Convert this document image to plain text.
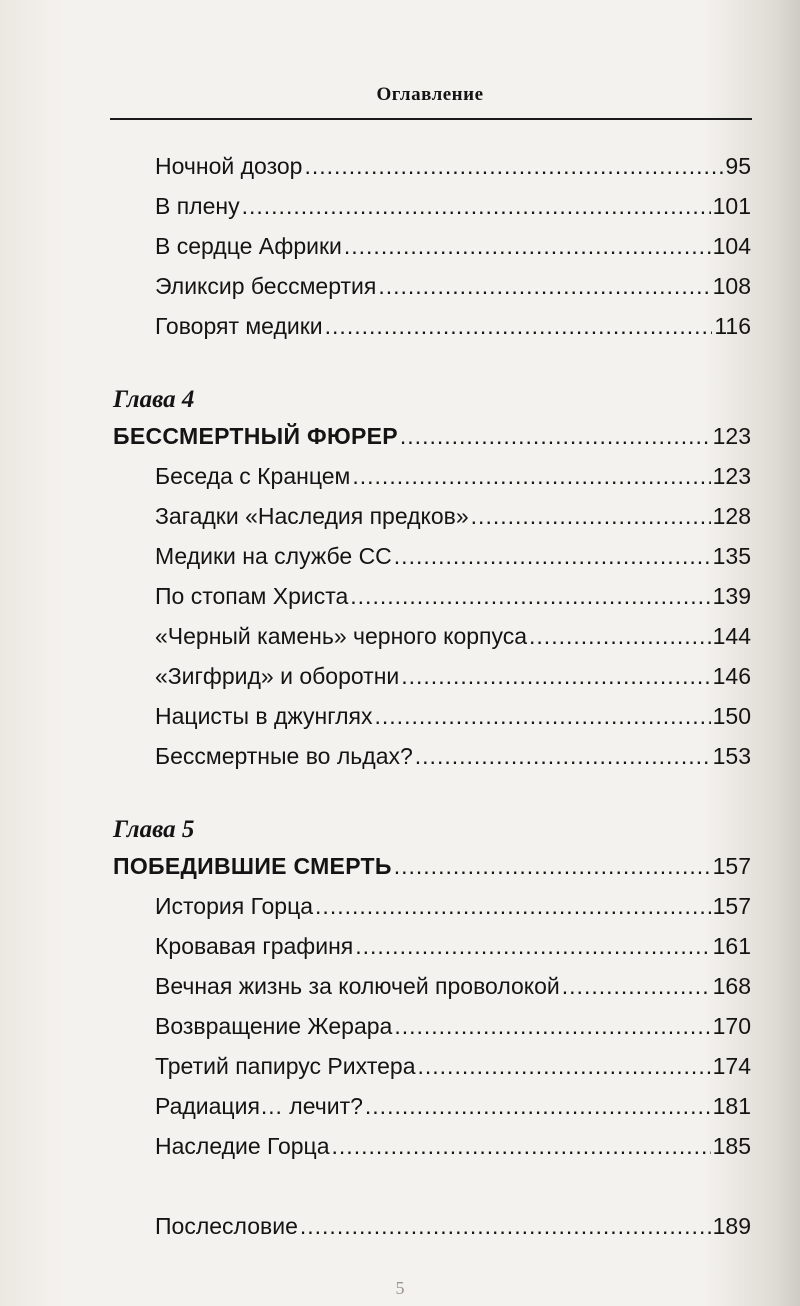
Оглавление
Ночной дозор .....	95
В плену .....	101
В сердце Африки .....	104
Эликсир бессмертия .....	108
Говорят медики .....	116
Глава 4
БЕССМЕРТНЫЙ ФЮРЕР .....	123
Беседа с Кранцем .....	123
Загадки «Наследия предков» .....	128
Медики на службе СС .....	135
По стопам Христа .....	139
«Черный камень» черного корпуса .....	144
«Зигфрид» и оборотни .....	146
Нацисты в джунглях .....	150
Бессмертные во льдах? .....	153
Глава 5
ПОБЕДИВШИЕ СМЕРТЬ .....	157
История Горца .....	157
Кровавая графиня .....	161
Вечная жизнь за колючей проволокой .....	168
Возвращение Жерара .....	170
Третий папирус Рихтера .....	174
Радиация… лечит? .....	181
Наследие Горца .....	185
Послесловие .....	189
5
